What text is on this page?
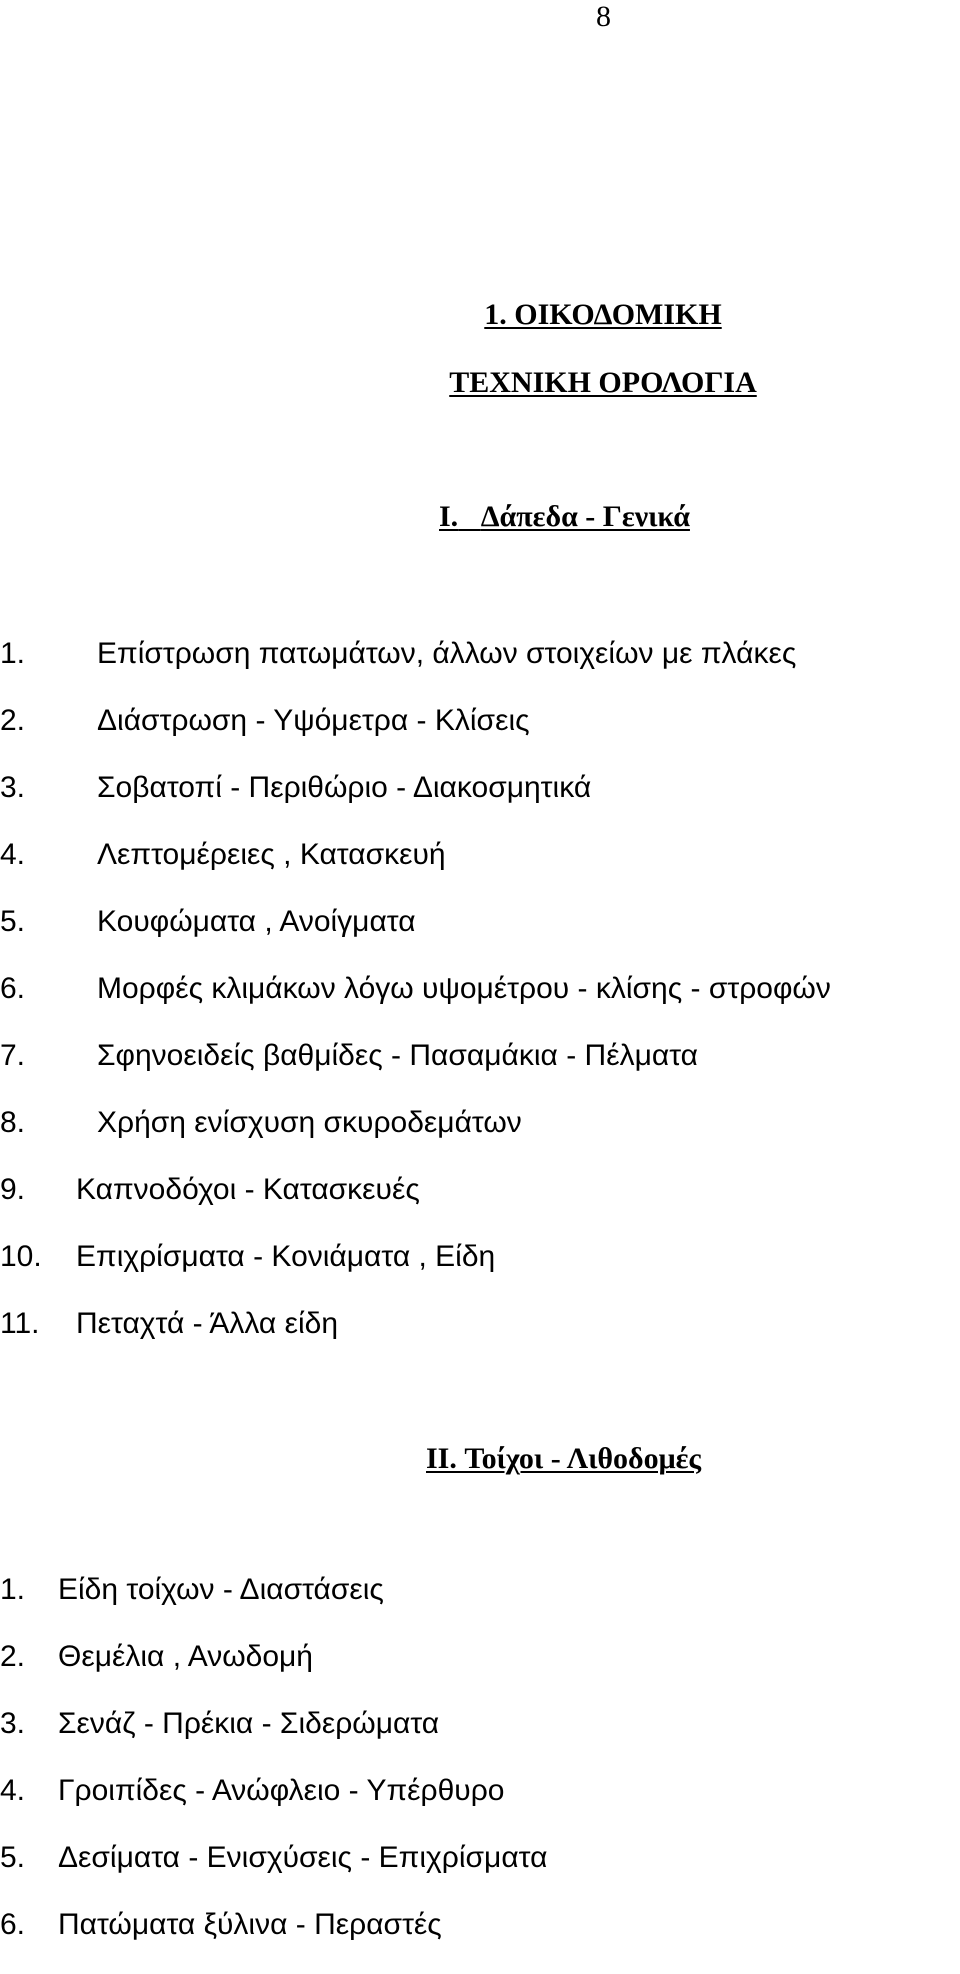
8
1. ΟΙΚΟΔΟΜΙΚΗ
ΤΕΧΝΙΚΗ ΟΡΟΛΟΓΙΑ
I. Δάπεδα - Γενικά
1. Επίστρωση πατωμάτων, άλλων στοιχείων με πλάκες
2. Διάστρωση - Υψόμετρα - Κλίσεις
3. Σοβατοπί - Περιθώριο - Διακοσμητικά
4. Λεπτομέρειες , Κατασκευή
5. Κουφώματα , Ανοίγματα
6. Μορφές κλιμάκων λόγω υψομέτρου - κλίσης - στροφών
7. Σφηνοειδείς βαθμίδες - Πασαμάκια - Πέλματα
8. Χρήση ενίσχυση σκυροδεμάτων
9. Καπνοδόχοι - Κατασκευές
10. Επιχρίσματα - Κονιάματα , Είδη
11. Πεταχτά - Άλλα είδη
II. Τοίχοι - Λιθοδομές
1. Είδη τοίχων - Διαστάσεις
2. Θεμέλια , Ανωδομή
3. Σενάζ - Πρέκια - Σιδερώματα
4. Γροιπίδες - Ανώφλειο - Υπέρθυρο
5. Δεσίματα - Ενισχύσεις - Επιχρίσματα
6. Πατώματα ξύλινα - Περαστές
